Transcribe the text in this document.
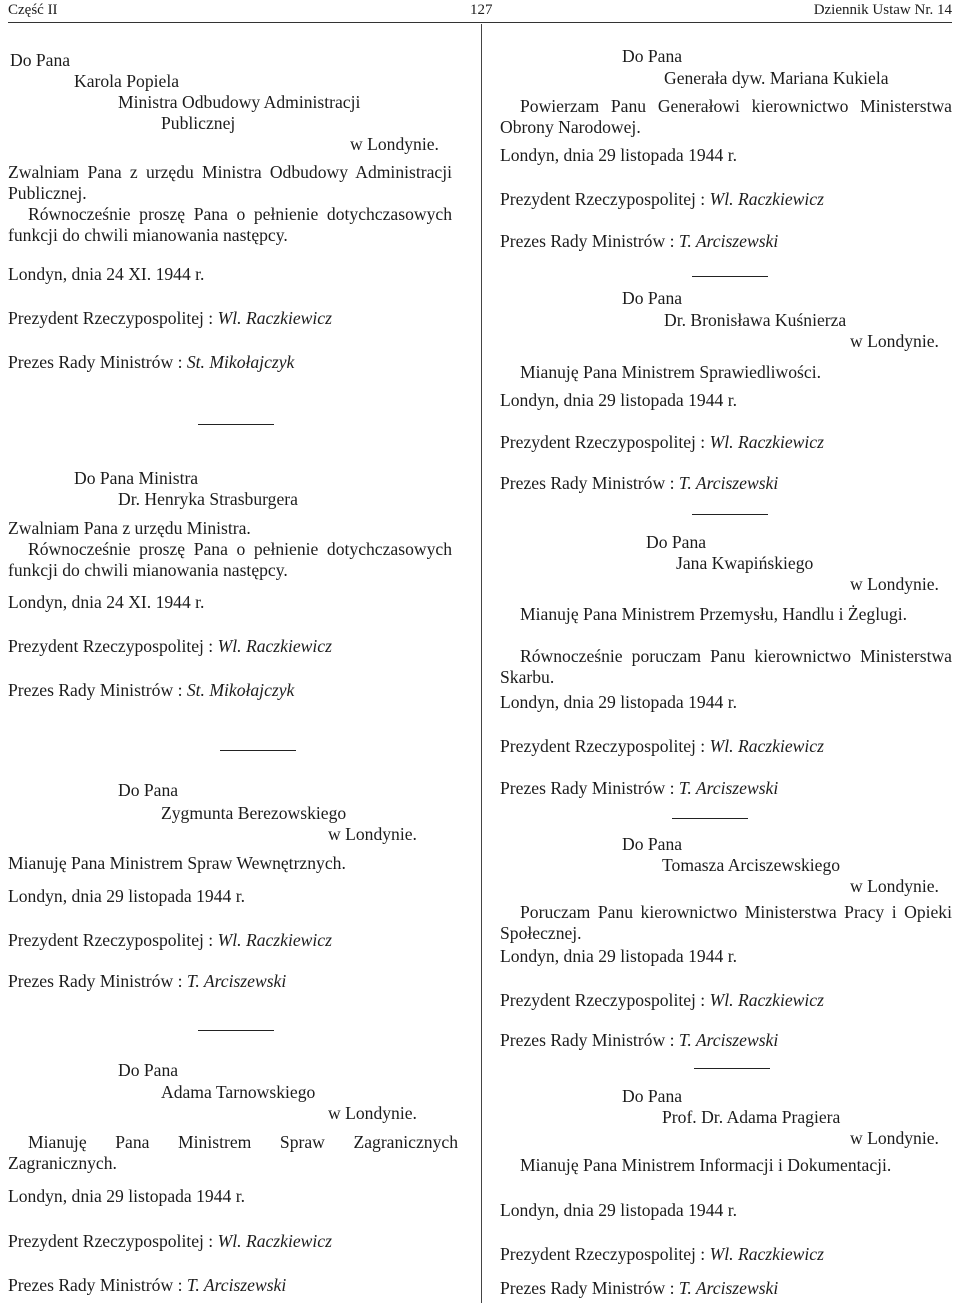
Część II	127	Dziennik Ustaw Nr. 14
Do Pana
Karola Popiela
Ministra Odbudowy Administracji
Publicznej
w Londynie.
Zwalniam Pana z urzędu Ministra Odbudowy Administracji Publicznej.
Równocześnie proszę Pana o pełnienie dotychczasowych funkcji do chwili mianowania następcy.
Londyn, dnia 24 XI. 1944 r.
Prezydent Rzeczypospolitej : Wl. Raczkiewicz
Prezes Rady Ministrów : St. Mikołajczyk
Do Pana Ministra
Dr. Henryka Strasburgera
Zwalniam Pana z urzędu Ministra.
Równocześnie proszę Pana o pełnienie dotychczasowych funkcji do chwili mianowania następcy.
Londyn, dnia 24 XI. 1944 r.
Prezydent Rzeczypospolitej : Wl. Raczkiewicz
Prezes Rady Ministrów : St. Mikołajczyk
Do Pana
Zygmunta Berezowskiego
w Londynie.
Mianuję Pana Ministrem Spraw Wewnętrznych.
Londyn, dnia 29 listopada 1944 r.
Prezydent Rzeczypospolitej : Wl. Raczkiewicz
Prezes Rady Ministrów : T. Arciszewski
Do Pana
Adama Tarnowskiego
w Londynie.
Mianuję Pana Ministrem Spraw Zagranicznych Zagranicznych.
Londyn, dnia 29 listopada 1944 r.
Prezydent Rzeczypospolitej : Wl. Raczkiewicz
Prezes Rady Ministrów : T. Arciszewski
Do Pana
Generała dyw. Mariana Kukiela
Powierzam Panu Generałowi kierownictwo Ministerstwa Obrony Narodowej.
Londyn, dnia 29 listopada 1944 r.
Prezydent Rzeczypospolitej : Wl. Raczkiewicz
Prezes Rady Ministrów : T. Arciszewski
Do Pana
Dr. Bronisława Kuśnierza
w Londynie.
Mianuję Pana Ministrem Sprawiedliwości.
Londyn, dnia 29 listopada 1944 r.
Prezydent Rzeczypospolitej : Wl. Raczkiewicz
Prezes Rady Ministrów : T. Arciszewski
Do Pana
Jana Kwapińskiego
w Londynie.
Mianuję Pana Ministrem Przemysłu, Handlu i Żeglugi.
Równocześnie poruczam Panu kierownictwo Ministerstwa Skarbu.
Londyn, dnia 29 listopada 1944 r.
Prezydent Rzeczypospolitej : Wl. Raczkiewicz
Prezes Rady Ministrów : T. Arciszewski
Do Pana
Tomasza Arciszewskiego
w Londynie.
Poruczam Panu kierownictwo Ministerstwa Pracy i Opieki Społecznej.
Londyn, dnia 29 listopada 1944 r.
Prezydent Rzeczypospolitej : Wl. Raczkiewicz
Prezes Rady Ministrów : T. Arciszewski
Do Pana
Prof. Dr. Adama Pragiera
w Londynie.
Mianuję Pana Ministrem Informacji i Dokumentacji.
Londyn, dnia 29 listopada 1944 r.
Prezydent Rzeczypospolitej : Wl. Raczkiewicz
Prezes Rady Ministrów : T. Arciszewski
